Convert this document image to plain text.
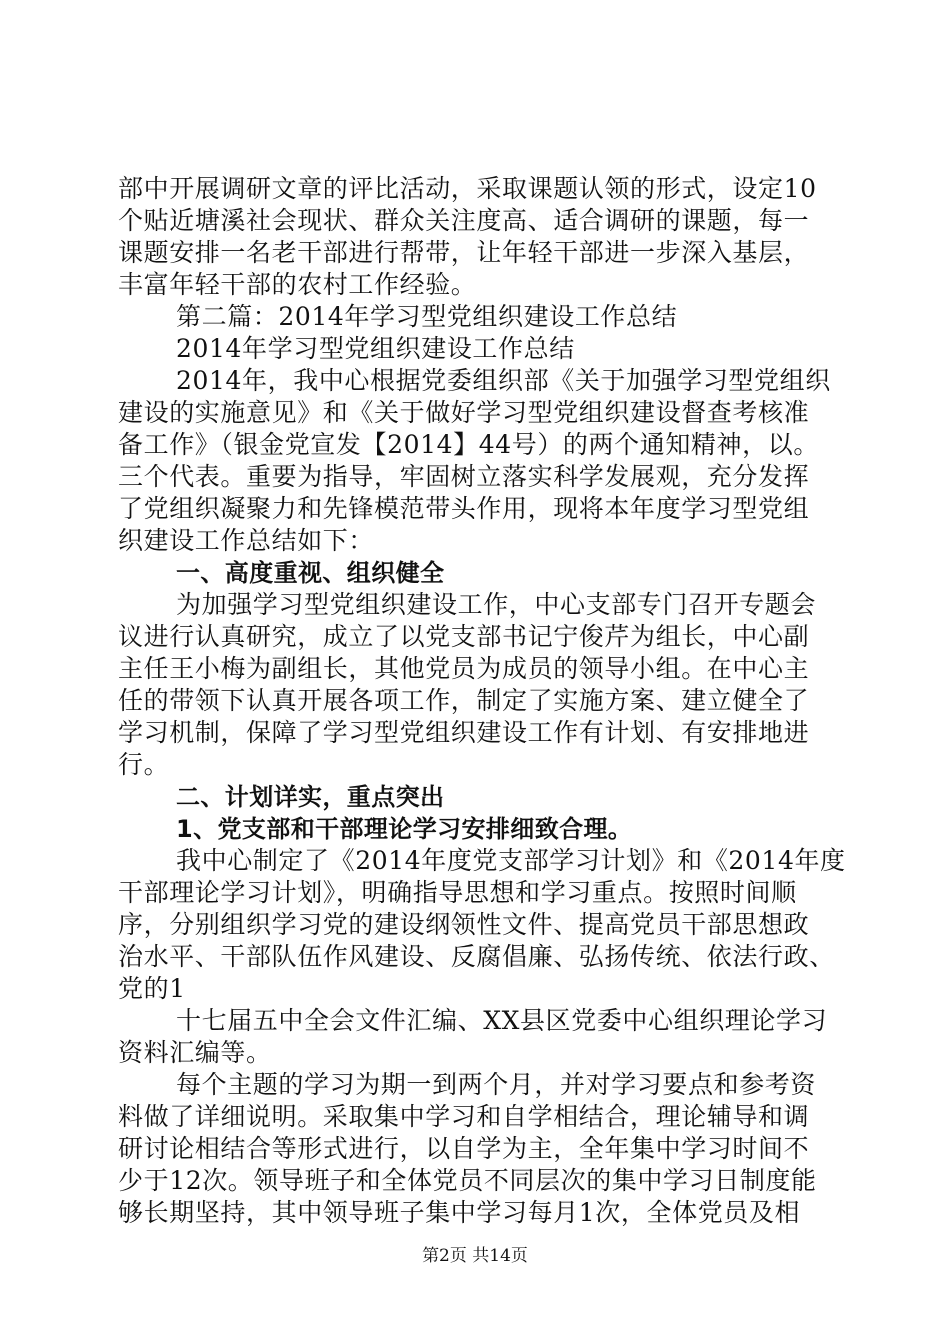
部中开展调研文章的评比活动，采取课题认领的形式，设定10
个贴近塘溪社会现状、群众关注度高、适合调研的课题，每一
课题安排一名老干部进行帮带，让年轻干部进一步深入基层，
丰富年轻干部的农村工作经验。
第二篇：2014年学习型党组织建设工作总结
2014年学习型党组织建设工作总结
2014年，我中心根据党委组织部《关于加强学习型党组织
建设的实施意见》和《关于做好学习型党组织建设督查考核准
备工作》（银金党宣发【2014】44号）的两个通知精神，以。
三个代表。重要为指导，牢固树立落实科学发展观，充分发挥
了党组织凝聚力和先锋模范带头作用，现将本年度学习型党组
织建设工作总结如下：
一、高度重视、组织健全
为加强学习型党组织建设工作，中心支部专门召开专题会
议进行认真研究，成立了以党支部书记宁俊芹为组长，中心副
主任王小梅为副组长，其他党员为成员的领导小组。在中心主
任的带领下认真开展各项工作，制定了实施方案、建立健全了
学习机制，保障了学习型党组织建设工作有计划、有安排地进
行。
二、计划详实，重点突出
1、党支部和干部理论学习安排细致合理。
我中心制定了《2014年度党支部学习计划》和《2014年度
干部理论学习计划》，明确指导思想和学习重点。按照时间顺
序，分别组织学习党的建设纲领性文件、提高党员干部思想政
治水平、干部队伍作风建设、反腐倡廉、弘扬传统、依法行政、
党的1
十七届五中全会文件汇编、XX县区党委中心组织理论学习
资料汇编等。
每个主题的学习为期一到两个月，并对学习要点和参考资
料做了详细说明。采取集中学习和自学相结合，理论辅导和调
研讨论相结合等形式进行，以自学为主，全年集中学习时间不
少于12次。领导班子和全体党员不同层次的集中学习日制度能
够长期坚持，其中领导班子集中学习每月1次，全体党员及相
第2页 共14页
